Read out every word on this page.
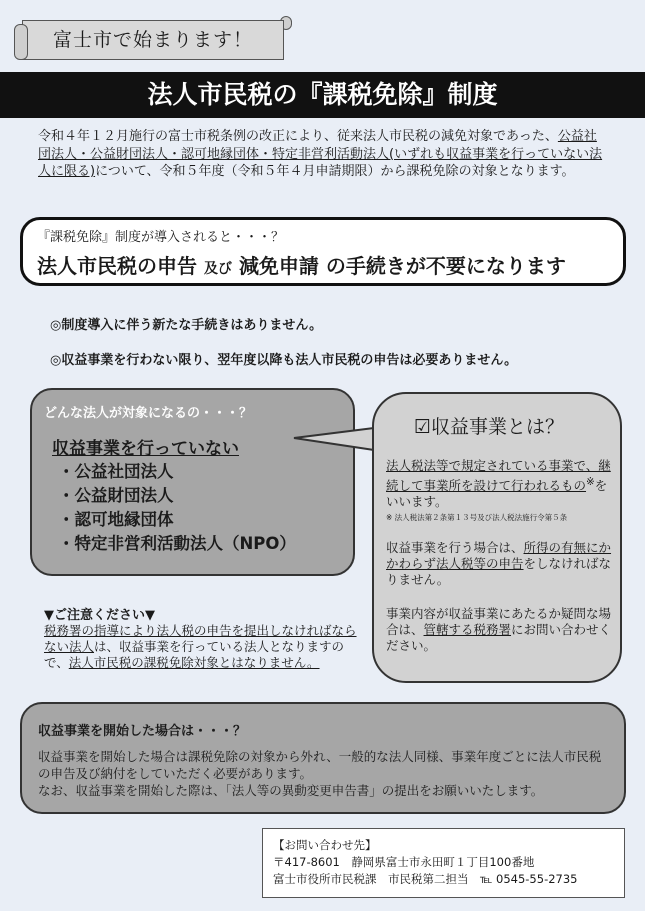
富士市で始まります！
法人市民税の『課税免除』制度
令和４年１２月施行の富士市税条例の改正により、従来法人市民税の減免対象であった、公益社団法人・公益財団法人・認可地縁団体・特定非営利活動法人(いずれも収益事業を行っていない法人に限る)について、令和５年度（令和５年４月申請期限）から課税免除の対象となります。
『課税免除』制度が導入されると・・・？
法人市民税の申告 及び 減免申請 の手続きが不要になります
◎制度導入に伴う新たな手続きはありません。
◎収益事業を行わない限り、翌年度以降も法人市民税の申告は必要ありません。
どんな法人が対象になるの・・・？
収益事業を行っていない
・公益社団法人
・公益財団法人
・認可地縁団体
・特定非営利活動法人（NPO）
☑収益事業とは？
法人税法等で規定されている事業で、継続して事業所を設けて行われるもの※をいいます。
※ 法人税法第２条第１３号及び法人税法施行令第５条
収益事業を行う場合は、所得の有無にかかわらず法人税等の申告をしなければなりません。
事業内容が収益事業にあたるか疑問な場合は、管轄する税務署にお問い合わせください。
▼ご注意ください▼
税務署の指導により法人税の申告を提出しなければならない法人は、収益事業を行っている法人となりますので、法人市民税の課税免除対象とはなりません。
収益事業を開始した場合は・・・？
収益事業を開始した場合は課税免除の対象から外れ、一般的な法人同様、事業年度ごとに法人市民税の申告及び納付をしていただく必要があります。
なお、収益事業を開始した際は、「法人等の異動変更申告書」の提出をお願いいたします。
【お問い合わせ先】
〒417-8601　静岡県富士市永田町１丁目100番地
富士市役所市民税課　市民税第二担当　 ℡ 0545-55-2735
